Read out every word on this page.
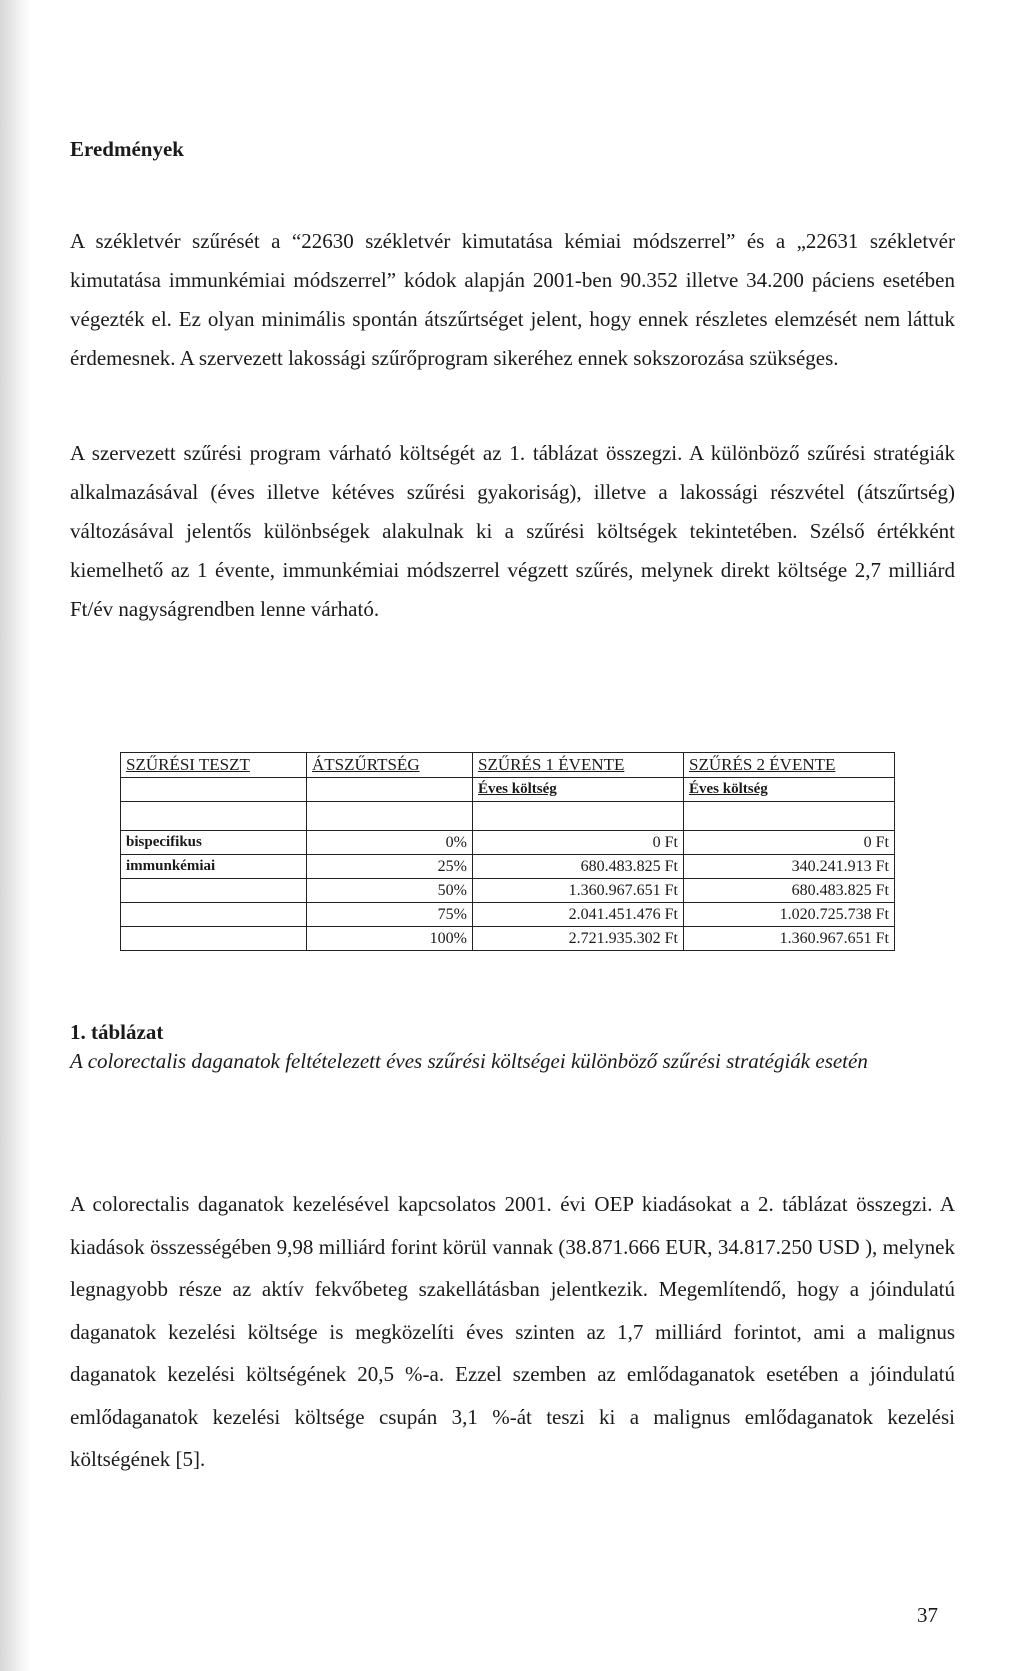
Eredmények

A székletvér szűrését a “22630 székletvér kimutatása kémiai módszerrel” és a „22631 székletvér kimutatása immunkémiai módszerrel” kódok alapján 2001-ben 90.352 illetve 34.200 páciens esetében végezték el. Ez olyan minimális spontán átszűrtséget jelent, hogy ennek részletes elemzését nem láttuk érdemesnek. A szervezett lakossági szűrőprogram sikeréhez ennek sokszorozása szükséges.

A szervezett szűrési program várható költségét az 1. táblázat összegzi. A különböző szűrési stratégiák alkalmazásával (éves illetve kétéves szűrési gyakoriság), illetve a lakossági részvétel (átszűrtség) változásával jelentős különbségek alakulnak ki a szűrési költségek tekintetében. Szélső értékként kiemelhető az 1 évente, immunkémiai módszerrel végzett szűrés, melynek direkt költsége 2,7 milliárd Ft/év nagyságrendben lenne várható.

SZŰRÉSI TESZT	ÁTSZŰRTSÉG	SZŰRÉS 1 ÉVENTE	SZŰRÉS 2 ÉVENTE
		Éves költség	Éves költség

bispecifikus	0%	0 Ft	0 Ft
immunkémiai	25%	680.483.825 Ft	340.241.913 Ft
	50%	1.360.967.651 Ft	680.483.825 Ft
	75%	2.041.451.476 Ft	1.020.725.738 Ft
	100%	2.721.935.302 Ft	1.360.967.651 Ft
1. táblázat
A colorectalis daganatok feltételezett éves szűrési költségei különböző szűrési stratégiák esetén

A colorectalis daganatok kezelésével kapcsolatos 2001. évi OEP kiadásokat a 2. táblázat összegzi. A kiadások összességében 9,98 milliárd forint körül vannak (38.871.666 EUR, 34.817.250 USD ), melynek legnagyobb része az aktív fekvőbeteg szakellátásban jelentkezik. Megemlítendő, hogy a jóindulatú daganatok kezelési költsége is megközelíti éves szinten az 1,7 milliárd forintot, ami a malignus daganatok kezelési költségének 20,5 %-a. Ezzel szemben az emlődaganatok esetében a jóindulatú emlődaganatok kezelési költsége csupán 3,1 %-át teszi ki a malignus emlődaganatok kezelési költségének [5].

37
